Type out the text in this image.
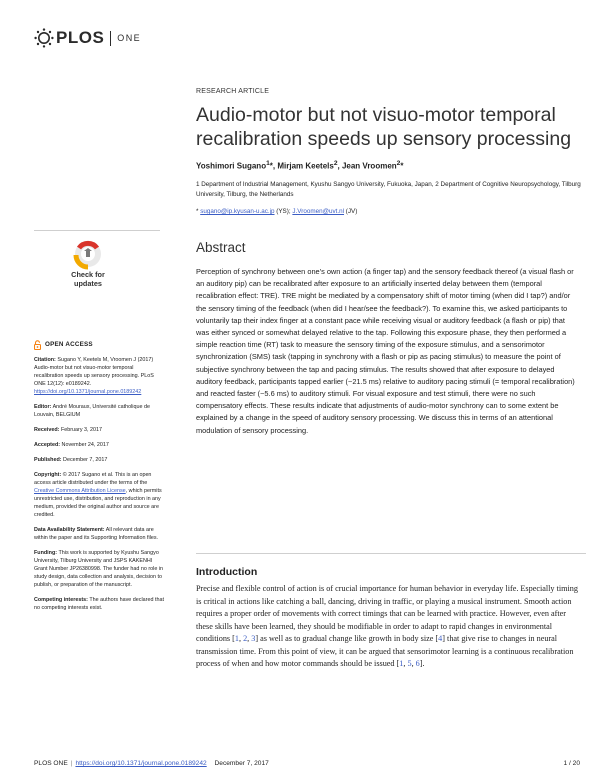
PLOS ONE
RESEARCH ARTICLE
Audio-motor but not visuo-motor temporal recalibration speeds up sensory processing
Yoshimori Sugano$^1$*, Mirjam Keetels$^2$, Jean Vroomen$^2$*
1 Department of Industrial Management, Kyushu Sangyo University, Fukuoka, Japan, 2 Department of Cognitive Neuropsychology, Tilburg University, Tilburg, the Netherlands
* sugano@ip.kyusan-u.ac.jp (YS); J.Vroomen@uvt.nl (JV)
Check for
updates
OPEN ACCESS
Citation: Sugano Y, Keetels M, Vroomen J (2017) Audio-motor but not visuo-motor temporal recalibration speeds up sensory processing. PLoS ONE 12(12): e0189242. https://doi.org/10.1371/journal.pone.0189242
Editor: André Mouraux, Université catholique de Louvain, BELGIUM
Received: February 3, 2017
Accepted: November 24, 2017
Published: December 7, 2017
Copyright: © 2017 Sugano et al. This is an open access article distributed under the terms of the Creative Commons Attribution License, which permits unrestricted use, distribution, and reproduction in any medium, provided the original author and source are credited.
Data Availability Statement: All relevant data are within the paper and its Supporting Information files.
Funding: This work is supported by Kyushu Sangyo University, Tilburg University and JSPS KAKENHI Grant Number JP26380998. The funder had no role in study design, data collection and analysis, decision to publish, or preparation of the manuscript.
Competing interests: The authors have declared that no competing interests exist.
Abstract
Perception of synchrony between one's own action (a finger tap) and the sensory feedback thereof (a visual flash or an auditory pip) can be recalibrated after exposure to an artificially inserted delay between them (temporal recalibration effect: TRE). TRE might be mediated by a compensatory shift of motor timing (when did I tap?) and/or the sensory timing of the feedback (when did I hear/see the feedback?). To examine this, we asked participants to voluntarily tap their index finger at a constant pace while receiving visual or auditory feedback (a flash or pip) that was either synced or somewhat delayed relative to the tap. Following this exposure phase, they then performed a simple reaction time (RT) task to measure the sensory timing of the exposure stimulus, and a sensorimotor synchronization (SMS) task (tapping in synchrony with a flash or pip as pacing stimulus) to measure the point of subjective synchrony between the tap and pacing stimulus. The results showed that after exposure to delayed auditory feedback, participants tapped earlier (~21.5 ms) relative to auditory pacing stimuli (= temporal recalibration) and reacted faster (~5.6 ms) to auditory stimuli. For visual exposure and test stimuli, there were no such compensatory effects. These results indicate that adjustments of audio-motor synchrony can to some extent be explained by a change in the speed of auditory sensory processing. We discuss this in terms of an attentional modulation of sensory processing.
Introduction
Precise and flexible control of action is of crucial importance for human behavior in everyday life. Especially timing is critical in actions like catching a ball, dancing, driving in traffic, or playing a musical instrument. Smooth action requires a proper order of movements with correct timings that can be learned with practice. However, even after these skills have been learned, they should be modifiable in order to adapt to rapid changes in environmental conditions [1, 2, 3] as well as to gradual change like growth in body size [4] that give rise to changes in neural transmission time. From this point of view, it can be argued that sensorimotor learning is a continuous recalibration process of when and how motor commands should be issued [1, 5, 6].
PLOS ONE | https://doi.org/10.1371/journal.pone.0189242
December 7, 2017	1 / 20
